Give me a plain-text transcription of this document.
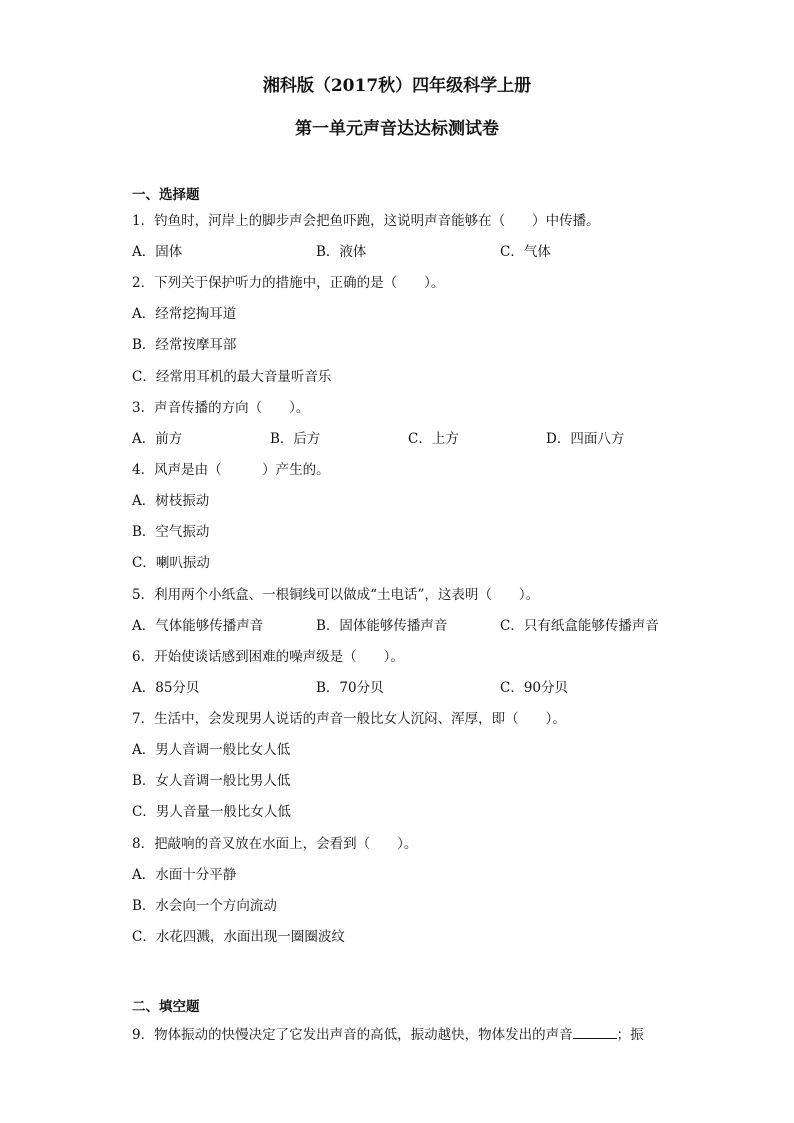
湘科版（2017秋）四年级科学上册
第一单元声音达达标测试卷
一、选择题
1．钓鱼时，河岸上的脚步声会把鱼吓跑，这说明声音能够在（　　）中传播。
A．固体	B．液体	C．气体
2．下列关于保护听力的措施中，正确的是（　　）。
A．经常挖掏耳道
B．经常按摩耳部
C．经常用耳机的最大音量听音乐
3．声音传播的方向（　　）。
A．前方	B．后方	C．上方	D．四面八方
4．风声是由（　　　）产生的。
A．树枝振动
B．空气振动
C．喇叭振动
5．利用两个小纸盒、一根铜线可以做成“土电话”，这表明（　　）。
A．气体能够传播声音	B．固体能够传播声音	C．只有纸盒能够传播声音
6．开始使谈话感到困难的噪声级是（　　）。
A．85分贝	B．70分贝	C．90分贝
7．生活中，会发现男人说话的声音一般比女人沉闷、浑厚，即（　　）。
A．男人音调一般比女人低
B．女人音调一般比男人低
C．男人音量一般比女人低
8．把敲响的音叉放在水面上，会看到（　　）。
A．水面十分平静
B．水会向一个方向流动
C．水花四溅，水面出现一圈圈波纹
二、填空题
9．物体振动的快慢决定了它发出声音的高低，振动越快，物体发出的声音	；振
